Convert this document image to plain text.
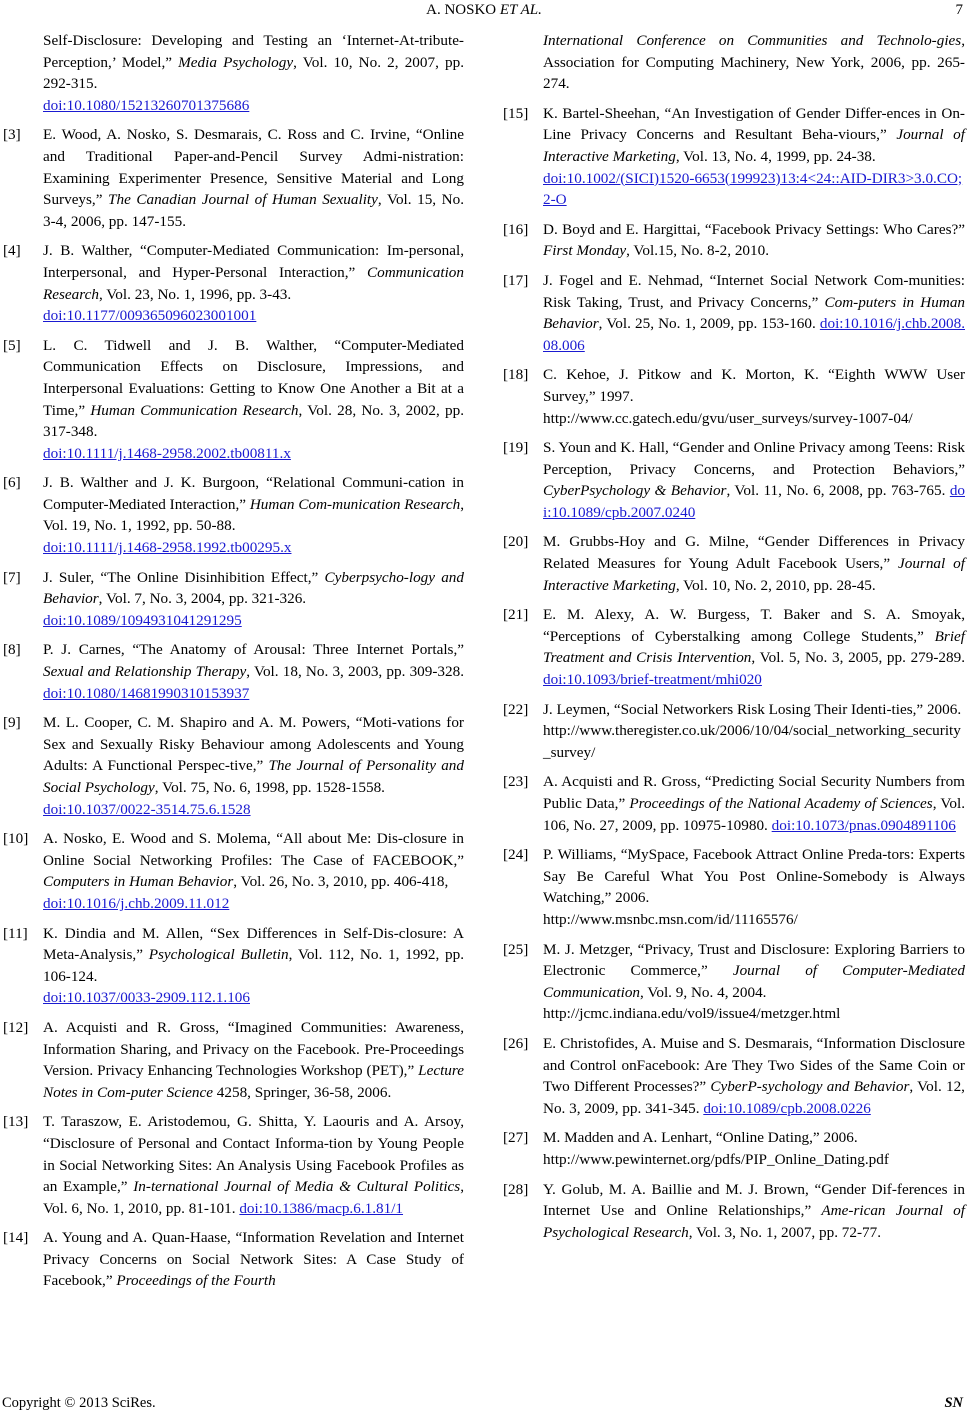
A. NOSKO ET AL.	7
Self-Disclosure: Developing and Testing an ‘Internet-At-tribute-Perception,’ Model,” Media Psychology, Vol. 10, No. 2, 2007, pp. 292-315.
doi:10.1080/15213260701375686
[3] E. Wood, A. Nosko, S. Desmarais, C. Ross and C. Irvine, “Online and Traditional Paper-and-Pencil Survey Admi-nistration: Examining Experimenter Presence, Sensitive Material and Long Surveys,” The Canadian Journal of Human Sexuality, Vol. 15, No. 3-4, 2006, pp. 147-155.
[4] J. B. Walther, “Computer-Mediated Communication: Im-personal, Interpersonal, and Hyper-Personal Interaction,” Communication Research, Vol. 23, No. 1, 1996, pp. 3-43.
doi:10.1177/009365096023001001
[5] L. C. Tidwell and J. B. Walther, “Computer-Mediated Communication Effects on Disclosure, Impressions, and Interpersonal Evaluations: Getting to Know One Another a Bit at a Time,” Human Communication Research, Vol. 28, No. 3, 2002, pp. 317-348.
doi:10.1111/j.1468-2958.2002.tb00811.x
[6] J. B. Walther and J. K. Burgoon, “Relational Communi-cation in Computer-Mediated Interaction,” Human Com-munication Research, Vol. 19, No. 1, 1992, pp. 50-88.
doi:10.1111/j.1468-2958.1992.tb00295.x
[7] J. Suler, “The Online Disinhibition Effect,” Cyberpsycho-logy and Behavior, Vol. 7, No. 3, 2004, pp. 321-326.
doi:10.1089/1094931041291295
[8] P. J. Carnes, “The Anatomy of Arousal: Three Internet Portals,” Sexual and Relationship Therapy, Vol. 18, No. 3, 2003, pp. 309-328. doi:10.1080/14681990310153937
[9] M. L. Cooper, C. M. Shapiro and A. M. Powers, “Moti-vations for Sex and Sexually Risky Behaviour among Adolescents and Young Adults: A Functional Perspec-tive,” The Journal of Personality and Social Psychology, Vol. 75, No. 6, 1998, pp. 1528-1558.
doi:10.1037/0022-3514.75.6.1528
[10] A. Nosko, E. Wood and S. Molema, “All about Me: Dis-closure in Online Social Networking Profiles: The Case of FACEBOOK,” Computers in Human Behavior, Vol. 26, No. 3, 2010, pp. 406-418,
doi:10.1016/j.chb.2009.11.012
[11] K. Dindia and M. Allen, “Sex Differences in Self-Dis-closure: A Meta-Analysis,” Psychological Bulletin, Vol. 112, No. 1, 1992, pp. 106-124.
doi:10.1037/0033-2909.112.1.106
[12] A. Acquisti and R. Gross, “Imagined Communities: Awareness, Information Sharing, and Privacy on the Facebook. Pre-Proceedings Version. Privacy Enhancing Technologies Workshop (PET),” Lecture Notes in Com-puter Science 4258, Springer, 36-58, 2006.
[13] T. Taraszow, E. Aristodemou, G. Shitta, Y. Laouris and A. Arsoy, “Disclosure of Personal and Contact Informa-tion by Young People in Social Networking Sites: An Analysis Using Facebook Profiles as an Example,” In-ternational Journal of Media & Cultural Politics, Vol. 6, No. 1, 2010, pp. 81-101. doi:10.1386/macp.6.1.81/1
[14] A. Young and A. Quan-Haase, “Information Revelation and Internet Privacy Concerns on Social Network Sites: A Case Study of Facebook,” Proceedings of the Fourth
International Conference on Communities and Technolo-gies, Association for Computing Machinery, New York, 2006, pp. 265-274.
[15] K. Bartel-Sheehan, “An Investigation of Gender Differ-ences in On-Line Privacy Concerns and Resultant Beha-viours,” Journal of Interactive Marketing, Vol. 13, No. 4, 1999, pp. 24-38.
doi:10.1002/(SICI)1520-6653(199923)13:4<24::AID-DIR3>3.0.CO;2-O
[16] D. Boyd and E. Hargittai, “Facebook Privacy Settings: Who Cares?” First Monday, Vol.15, No. 8-2, 2010.
[17] J. Fogel and E. Nehmad, “Internet Social Network Com-munities: Risk Taking, Trust, and Privacy Concerns,” Com-puters in Human Behavior, Vol. 25, No. 1, 2009, pp. 153-160. doi:10.1016/j.chb.2008.08.006
[18] C. Kehoe, J. Pitkow and K. Morton, K. “Eighth WWW User Survey,” 1997.
http://www.cc.gatech.edu/gvu/user_surveys/survey-1007-04/
[19] S. Youn and K. Hall, “Gender and Online Privacy among Teens: Risk Perception, Privacy Concerns, and Protection Behaviors,” CyberPsychology & Behavior, Vol. 11, No. 6, 2008, pp. 763-765. doi:10.1089/cpb.2007.0240
[20] M. Grubbs-Hoy and G. Milne, “Gender Differences in Privacy Related Measures for Young Adult Facebook Users,” Journal of Interactive Marketing, Vol. 10, No. 2, 2010, pp. 28-45.
[21] E. M. Alexy, A. W. Burgess, T. Baker and S. A. Smoyak, “Perceptions of Cyberstalking among College Students,” Brief Treatment and Crisis Intervention, Vol. 5, No. 3, 2005, pp. 279-289. doi:10.1093/brief-treatment/mhi020
[22] J. Leymen, “Social Networkers Risk Losing Their Identi-ties,” 2006.
http://www.theregister.co.uk/2006/10/04/social_networking_security_survey/
[23] A. Acquisti and R. Gross, “Predicting Social Security Numbers from Public Data,” Proceedings of the National Academy of Sciences, Vol. 106, No. 27, 2009, pp. 10975-10980. doi:10.1073/pnas.0904891106
[24] P. Williams, “MySpace, Facebook Attract Online Preda-tors: Experts Say Be Careful What You Post Online-Somebody is Always Watching,” 2006.
http://www.msnbc.msn.com/id/11165576/
[25] M. J. Metzger, “Privacy, Trust and Disclosure: Exploring Barriers to Electronic Commerce,” Journal of Computer-Mediated Communication, Vol. 9, No. 4, 2004.
http://jcmc.indiana.edu/vol9/issue4/metzger.html
[26] E. Christofides, A. Muise and S. Desmarais, “Information Disclosure and Control onFacebook: Are They Two Sides of the Same Coin or Two Different Processes?” CyberP-sychology and Behavior, Vol. 12, No. 3, 2009, pp. 341-345. doi:10.1089/cpb.2008.0226
[27] M. Madden and A. Lenhart, “Online Dating,” 2006.
http://www.pewinternet.org/pdfs/PIP_Online_Dating.pdf
[28] Y. Golub, M. A. Baillie and M. J. Brown, “Gender Dif-ferences in Internet Use and Online Relationships,” Ame-rican Journal of Psychological Research, Vol. 3, No. 1, 2007, pp. 72-77.
Copyright © 2013 SciRes.	SN
